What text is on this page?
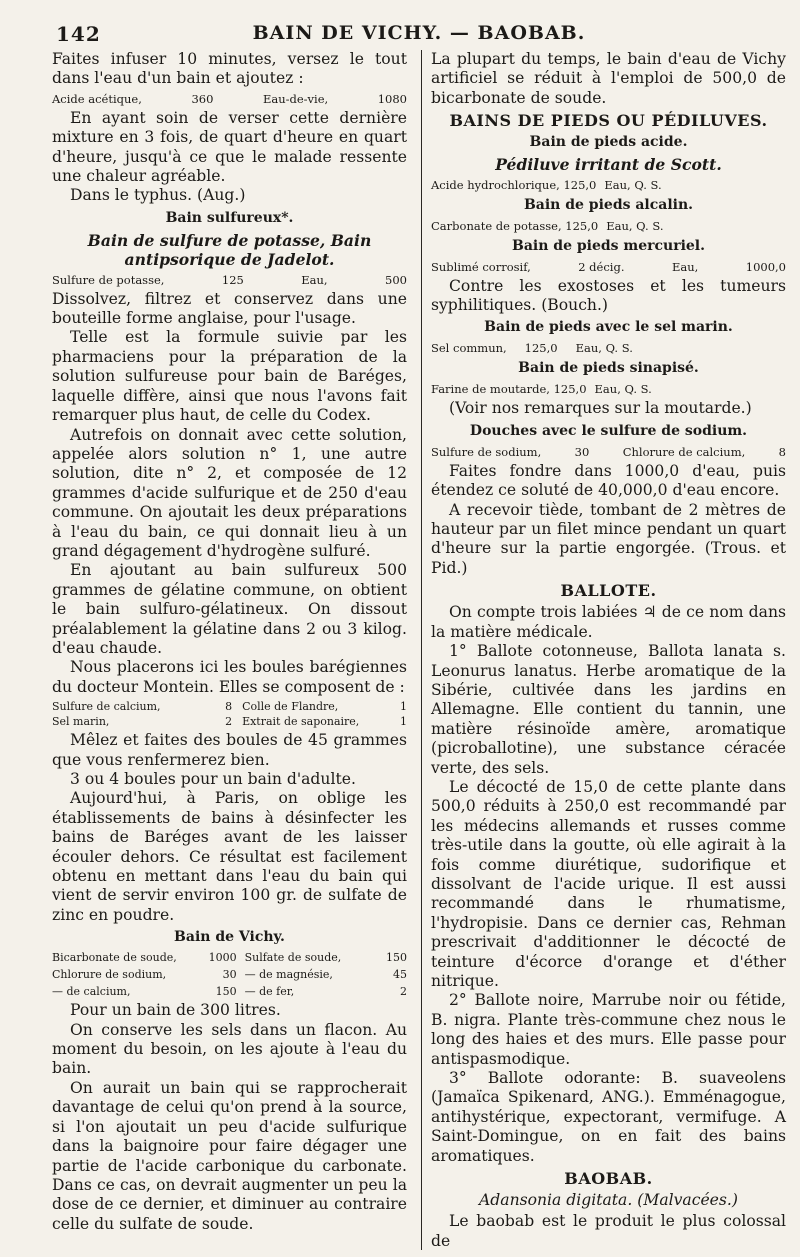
142	BAIN DE VICHY. — BAOBAB.

Faites infuser 10 minutes, versez le tout dans l'eau d'un bain et ajoutez :

Acide acétique,	360	Eau-de-vie,	1080

En ayant soin de verser cette dernière mixture en 3 fois, de quart d'heure en quart d'heure, jusqu'à ce que le malade ressente une chaleur agréable.

Dans le typhus. (Aug.)

Bain sulfureux*.
Bain de sulfure de potasse, Bain antipsorique de Jadelot.
Sulfure de potasse,	125	Eau,	500

Dissolvez, filtrez et conservez dans une bouteille forme anglaise, pour l'usage.

Telle est la formule suivie par les pharmaciens pour la préparation de la solution sulfureuse pour bain de Baréges, laquelle diffère, ainsi que nous l'avons fait remarquer plus haut, de celle du Codex.

Autrefois on donnait avec cette solution, appelée alors solution n° 1, une autre solution, dite n° 2, et composée de 12 grammes d'acide sulfurique et de 250 d'eau commune. On ajoutait les deux préparations à l'eau du bain, ce qui donnait lieu à un grand dégagement d'hydrogène sulfuré.

En ajoutant au bain sulfureux 500 grammes de gélatine commune, on obtient le bain sulfuro-gélatineux. On dissout préalablement la gélatine dans 2 ou 3 kilog. d'eau chaude.

Nous placerons ici les boules barégiennes du docteur Montein. Elles se composent de :

Sulfure de calcium,	8 Colle de Flandre,	1
Sel marin,	2 Extrait de saponaire,	1

Mêlez et faites des boules de 45 grammes que vous renfermerez bien.

3 ou 4 boules pour un bain d'adulte.

Aujourd'hui, à Paris, on oblige les établissements de bains à désinfecter les bains de Baréges avant de les laisser écouler dehors. Ce résultat est facilement obtenu en mettant dans l'eau du bain qui vient de servir environ 100 gr. de sulfate de zinc en poudre.

Bain de Vichy.
Bicarbonate de soude,	1000 Sulfate de soude,	150
Chlorure de sodium,	30 — de magnésie,	45
— de calcium,	150 — de fer,	2

Pour un bain de 300 litres.

On conserve les sels dans un flacon. Au moment du besoin, on les ajoute à l'eau du bain.

On aurait un bain qui se rapprocherait davantage de celui qu'on prend à la source, si l'on ajoutait un peu d'acide sulfurique dans la baignoire pour faire dégager une partie de l'acide carbonique du carbonate. Dans ce cas, on devrait augmenter un peu la dose de ce dernier, et diminuer au contraire celle du sulfate de soude.

La plupart du temps, le bain d'eau de Vichy artificiel se réduit à l'emploi de 500,0 de bicarbonate de soude.

BAINS DE PIEDS OU PÉDILUVES.
Bain de pieds acide.
Pédiluve irritant de Scott.
Acide hydrochlorique, 125,0 Eau, Q. S.
Bain de pieds alcalin.
Carbonate de potasse, 125,0 Eau, Q. S.
Bain de pieds mercuriel.
Sublimé corrosif,	2 décig.	Eau,	1000,0

Contre les exostoses et les tumeurs syphilitiques. (Bouch.)

Bain de pieds avec le sel marin.
Sel commun, 125,0 Eau, Q. S.
Bain de pieds sinapisé.
Farine de moutarde, 125,0 Eau, Q. S.

(Voir nos remarques sur la moutarde.)

Douches avec le sulfure de sodium.
Sulfure de sodium,	30	Chlorure de calcium,	8

Faites fondre dans 1000,0 d'eau, puis étendez ce soluté de 40,000,0 d'eau encore.

A recevoir tiède, tombant de 2 mètres de hauteur par un filet mince pendant un quart d'heure sur la partie engorgée. (Trous. et Pid.)

BALLOTE.

On compte trois labiées ♃ de ce nom dans la matière médicale.

1° Ballote cotonneuse, Ballota lanata s. Leonurus lanatus. Herbe aromatique de la Sibérie, cultivée dans les jardins en Allemagne. Elle contient du tannin, une matière résinoïde amère, aromatique (picroballotine), une substance céracée verte, des sels.

Le décocté de 15,0 de cette plante dans 500,0 réduits à 250,0 est recommandé par les médecins allemands et russes comme très-utile dans la goutte, où elle agirait à la fois comme diurétique, sudorifique et dissolvant de l'acide urique. Il est aussi recommandé dans le rhumatisme, l'hydropisie. Dans ce dernier cas, Rehman prescrivait d'additionner le décocté de teinture d'écorce d'orange et d'éther nitrique.

2° Ballote noire, Marrube noir ou fétide, B. nigra. Plante très-commune chez nous le long des haies et des murs. Elle passe pour antispasmodique.

3° Ballote odorante: B. suaveolens (Jamaïca Spikenard, ANG.). Emménagogue, antihystérique, expectorant, vermifuge. A Saint-Domingue, on en fait des bains aromatiques.

BAOBAB.
Adansonia digitata. (Malvacées.)

Le baobab est le produit le plus colossal de
